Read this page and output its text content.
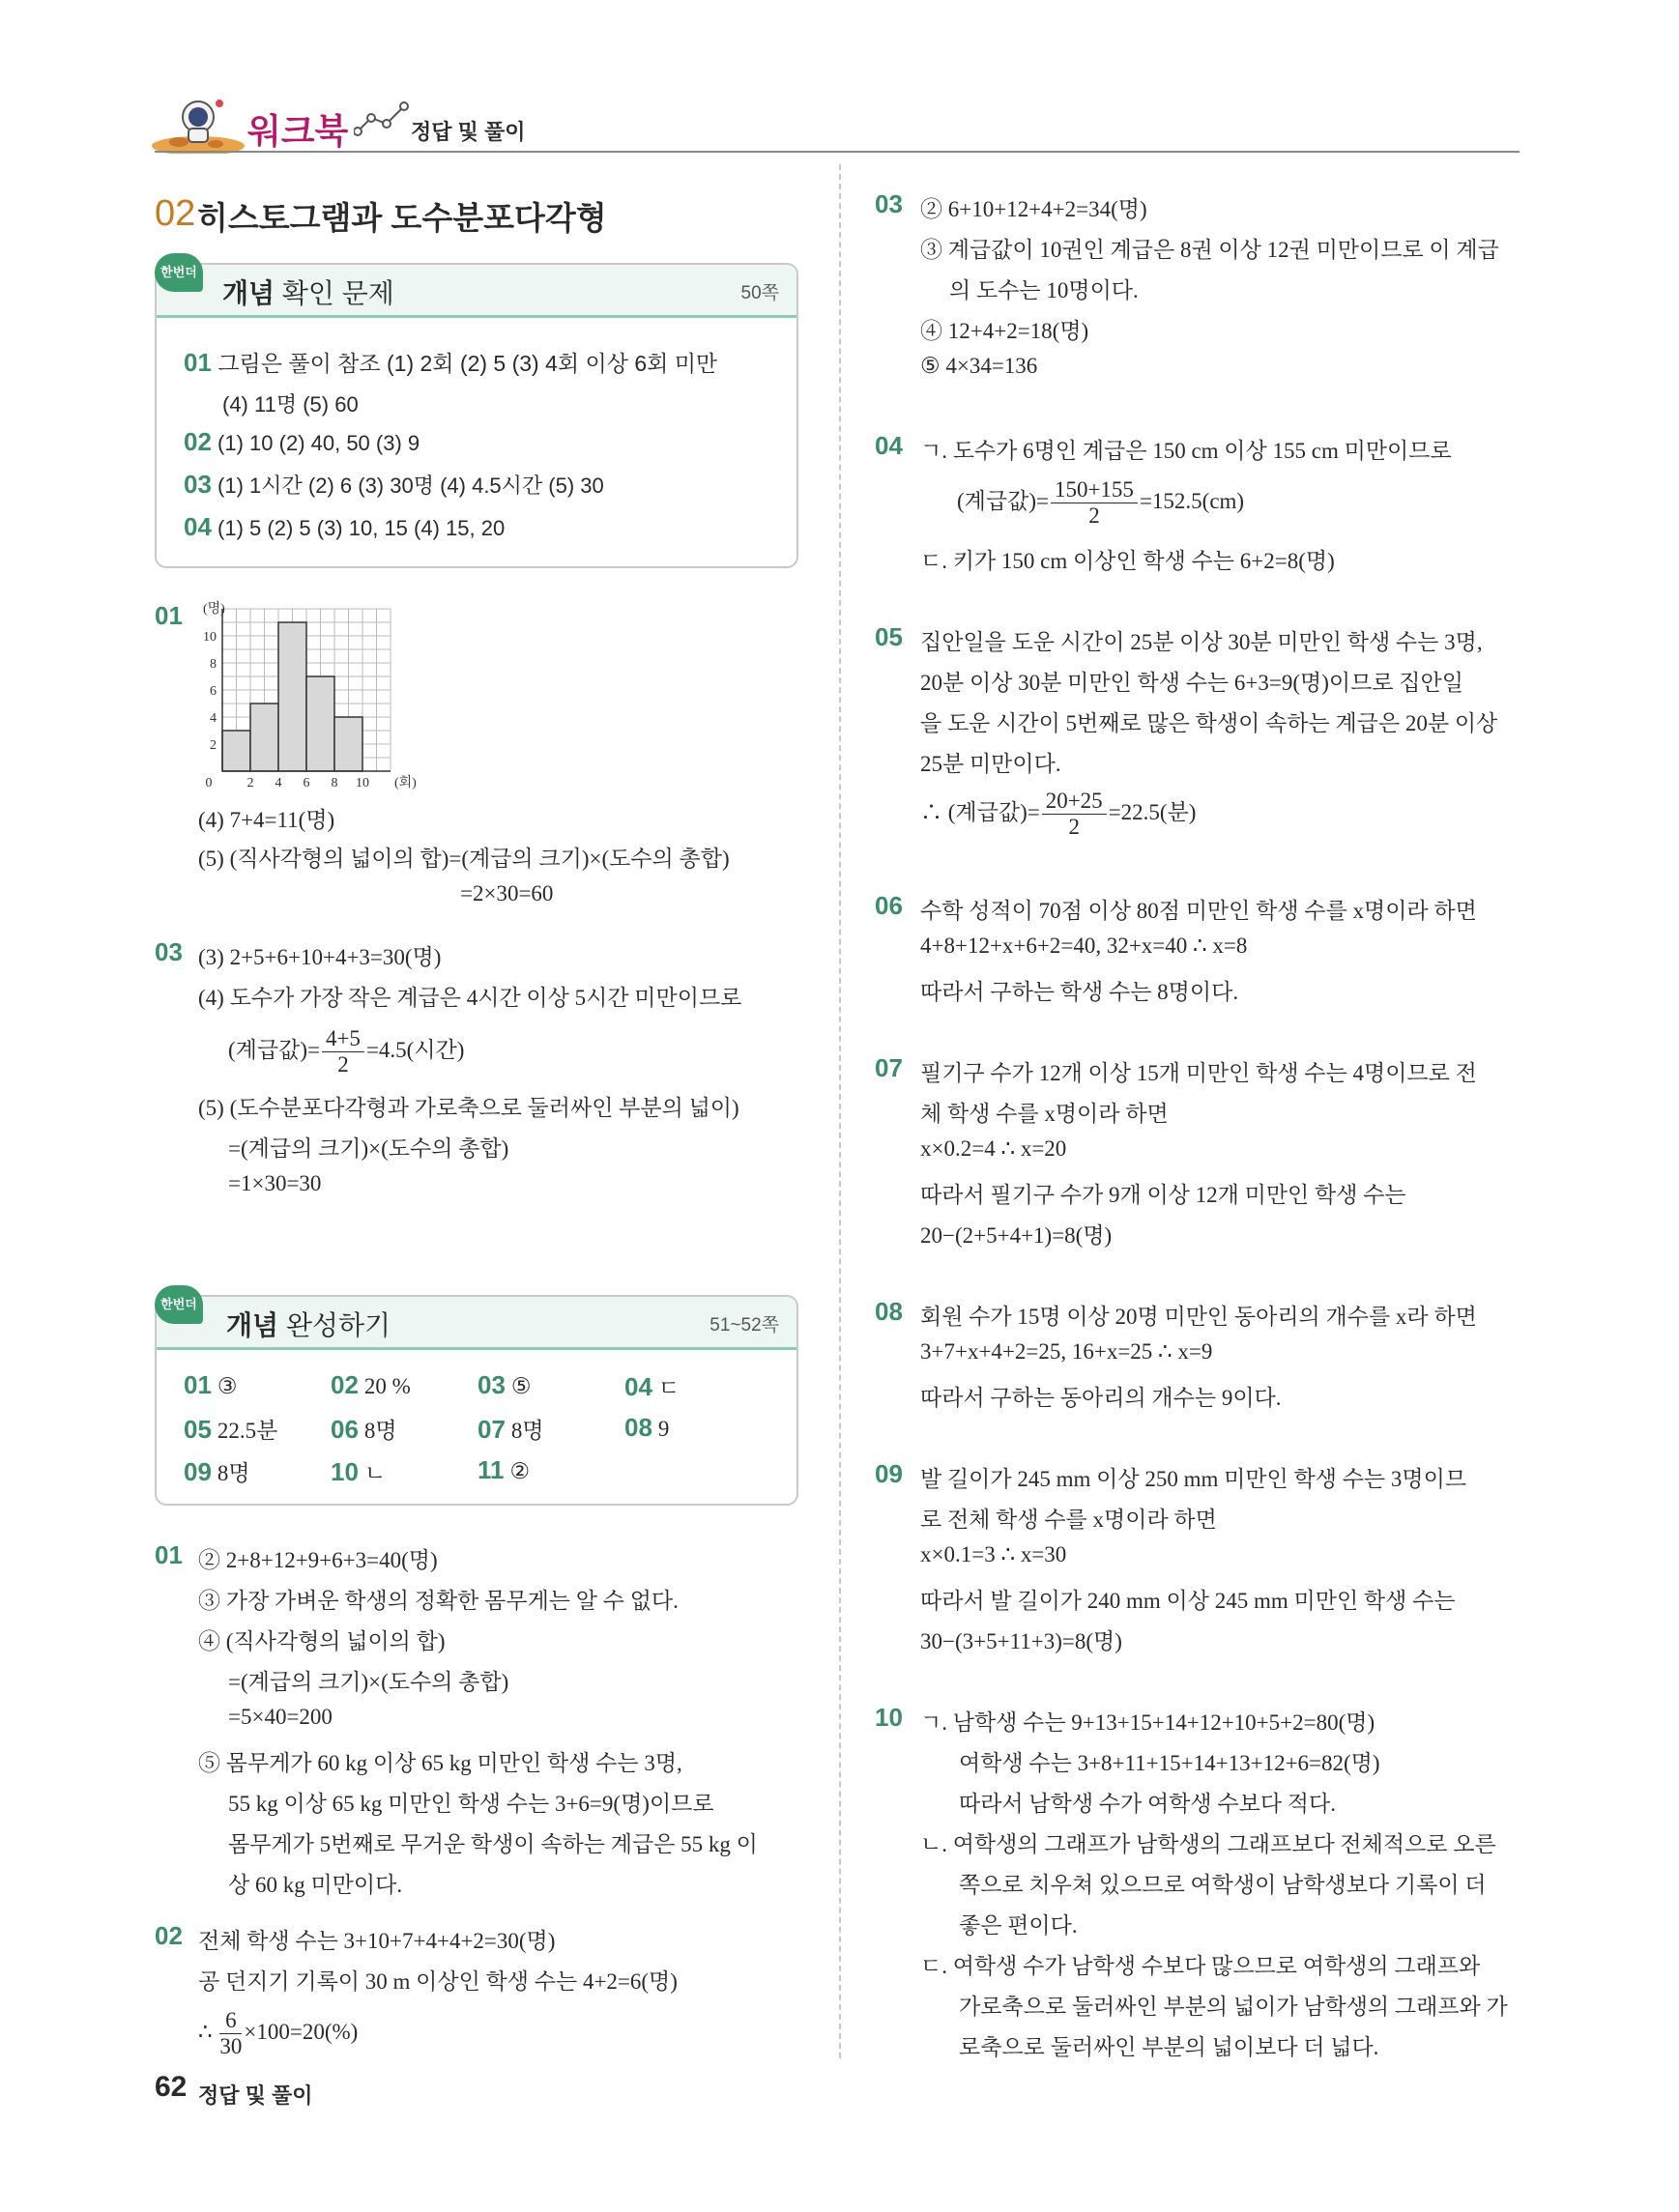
워크북	정답 및 풀이
02 히스토그램과 도수분포다각형
개념 확인 문제	50쪽
01 그림은 풀이 참조 (1) 2회 (2) 5 (3) 4회 이상 6회 미만
(4) 11명 (5) 60
02 (1) 10 (2) 40, 50 (3) 9
03 (1) 1시간 (2) 6 (3) 30명 (4) 4.5시간 (5) 30
04 (1) 5 (2) 5 (3) 10, 15 (4) 15, 20
한번더
01
0	2 4 6 8 10
2
4
6
8
10
(회)
(명)
(4) 7+4=11(명)
(5) (직사각형의 넓이의 합)=(계급의 크기)×(도수의 총합)
=2×30=60
03 (3) 2+5+6+10+4+3=30(명)
(4) 도수가 가장 작은 계급은 4시간 이상 5시간 미만이므로
(계급값)= $\frac{4+5}{2} =4.5$(시간)
(5) (도수분포다각형과 가로축으로 둘러싸인 부분의 넓이)
=(계급의 크기)×(도수의 총합)
=1×30=30
개념 완성하기	51~52쪽
01 ③	02 20 %	03 ⑤	04 ㄷ
05 22.5분 06 8명	07 8명	08 9
09 8명	10 ㄴ	11 ②
한번더
01 ② 2+8+12+9+6+3=40(명)
③ 가장 가벼운 학생의 정확한 몸무게는 알 수 없다.
④ (직사각형의 넓이의 합)
=(계급의 크기)×(도수의 총합)
=5×40=200
⑤ 몸무게가 60 kg 이상 65 kg 미만인 학생 수는 3명,
55 kg 이상 65 kg 미만인 학생 수는 3+6=9(명)이므로
몸무게가 5번째로 무거운 학생이 속하는 계급은 55 kg 이
상 60 kg 미만이다.
02 전체 학생 수는 3+10+7+4+4+2=30(명)
공 던지기 기록이 30 m 이상인 학생 수는 4+2=6(명)
∴ $\frac{6}{30} \times 100=20(\%)$
03 ② 6+10+12+4+2=34(명)
③ 계급값이 10권인 계급은 8권 이상 12권 미만이므로 이 계급
의 도수는 10명이다.
④ 12+4+2=18(명)
⑤ 4×34=136
04 ㄱ. 도수가 6명인 계급은 150 cm 이상 155 cm 미만이므로
(계급값)= $\frac{150+155}{2} =152.5(cm)$
ㄷ. 키가 150 cm 이상인 학생 수는 6+2=8(명)
05 집안일을 도운 시간이 25분 이상 30분 미만인 학생 수는 3명,
20분 이상 30분 미만인 학생 수는 6+3=9(명)이므로 집안일
을 도운 시간이 5번째로 많은 학생이 속하는 계급은 20분 이상
25분 미만이다.
∴ (계급값)= $\frac{20+25}{2} =22.5$(분)
06 수학 성적이 70점 이상 80점 미만인 학생 수를 x명이라 하면
4+8+12+x+6+2=40, 32+x=40 ∴ x=8
따라서 구하는 학생 수는 8명이다.
07 필기구 수가 12개 이상 15개 미만인 학생 수는 4명이므로 전
체 학생 수를 x명이라 하면
x×0.2=4 ∴ x=20
따라서 필기구 수가 9개 이상 12개 미만인 학생 수는
20−(2+5+4+1)=8(명)
08 회원 수가 15명 이상 20명 미만인 동아리의 개수를 x라 하면
3+7+x+4+2=25, 16+x=25 ∴ x=9
따라서 구하는 동아리의 개수는 9이다.
09 발 길이가 245 mm 이상 250 mm 미만인 학생 수는 3명이므
로 전체 학생 수를 x명이라 하면
x×0.1=3 ∴ x=30
따라서 발 길이가 240 mm 이상 245 mm 미만인 학생 수는
30−(3+5+11+3)=8(명)
10 ㄱ. 남학생 수는 9+13+15+14+12+10+5+2=80(명)
여학생 수는 3+8+11+15+14+13+12+6=82(명)
따라서 남학생 수가 여학생 수보다 적다.
ㄴ. 여학생의 그래프가 남학생의 그래프보다 전체적으로 오른
쪽으로 치우쳐 있으므로 여학생이 남학생보다 기록이 더
좋은 편이다.
ㄷ. 여학생 수가 남학생 수보다 많으므로 여학생의 그래프와
가로축으로 둘러싸인 부분의 넓이가 남학생의 그래프와 가
로축으로 둘러싸인 부분의 넓이보다 더 넓다.
62 정답 및 풀이
